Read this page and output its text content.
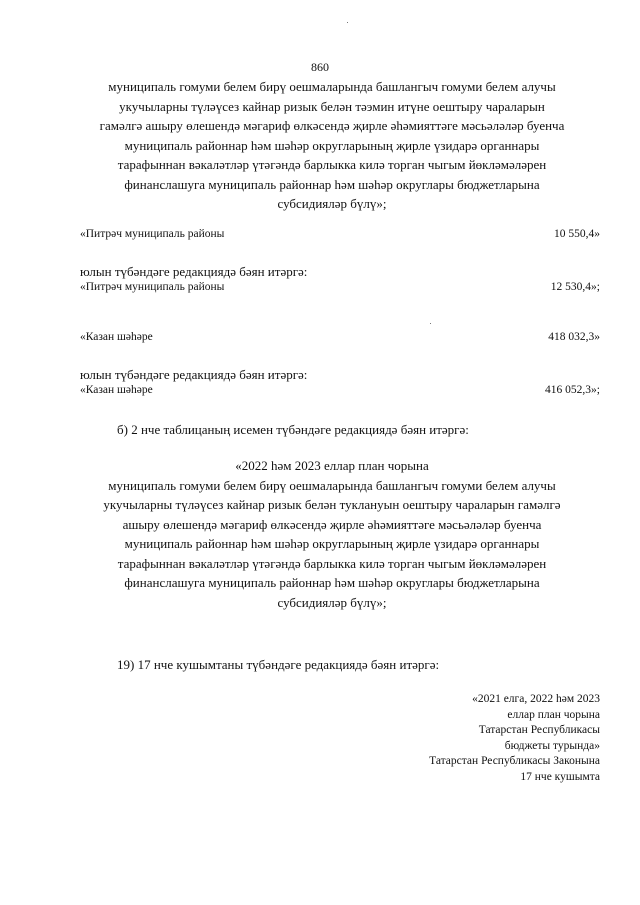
860
муниципаль гомуми белем бирү оешмаларында башлангыч гомуми белем алучы
укучыларны түләүсез кайнар ризык белән тәэмин итүне оештыру чараларын
гамәлгә ашыру өлешендә мәгариф өлкәсендә җирле әһәмияттәге мәсьәләләр буенча
муниципаль районнар һәм шәһәр округларының җирле үзидарә органнары
тарафыннан вәкаләтләр үтәгәндә барлыкка килә торган чыгым йөкләмәләрен
финанслашуга муниципаль районнар һәм шәһәр округлары бюджетларына
субсидияләр бүлү»;
«Питрәч муниципаль районы	10 550,4»
юлын түбәндәге редакциядә бәян итәргә:
«Питрәч муниципаль районы	12 530,4»;
«Казан шәһәре	418 032,3»
юлын түбәндәге редакциядә бәян итәргә:
«Казан шәһәре	416 052,3»;
б) 2 нче таблицаның исемен түбәндәге редакциядә бәян итәргә:
«2022 һәм 2023 еллар план чорына
муниципаль гомуми белем бирү оешмаларында башлангыч гомуми белем алучы
укучыларны түләүсез кайнар ризык белән туклануын оештыру чараларын гамәлгә
ашыру өлешендә мәгариф өлкәсендә җирле әһәмияттәге мәсьәләләр буенча
муниципаль районнар һәм шәһәр округларының җирле үзидарә органнары
тарафыннан вәкаләтләр үтәгәндә барлыкка килә торган чыгым йөкләмәләрен
финанслашуга муниципаль районнар һәм шәһәр округлары бюджетларына
субсидияләр бүлү»;
19) 17 нче кушымтаны түбәндәге редакциядә бәян итәргә:
«2021 елга, 2022 һәм 2023
еллар план чорына
Татарстан Республикасы
бюджеты турында»
Татарстан Республикасы Законына
17 нче кушымта
